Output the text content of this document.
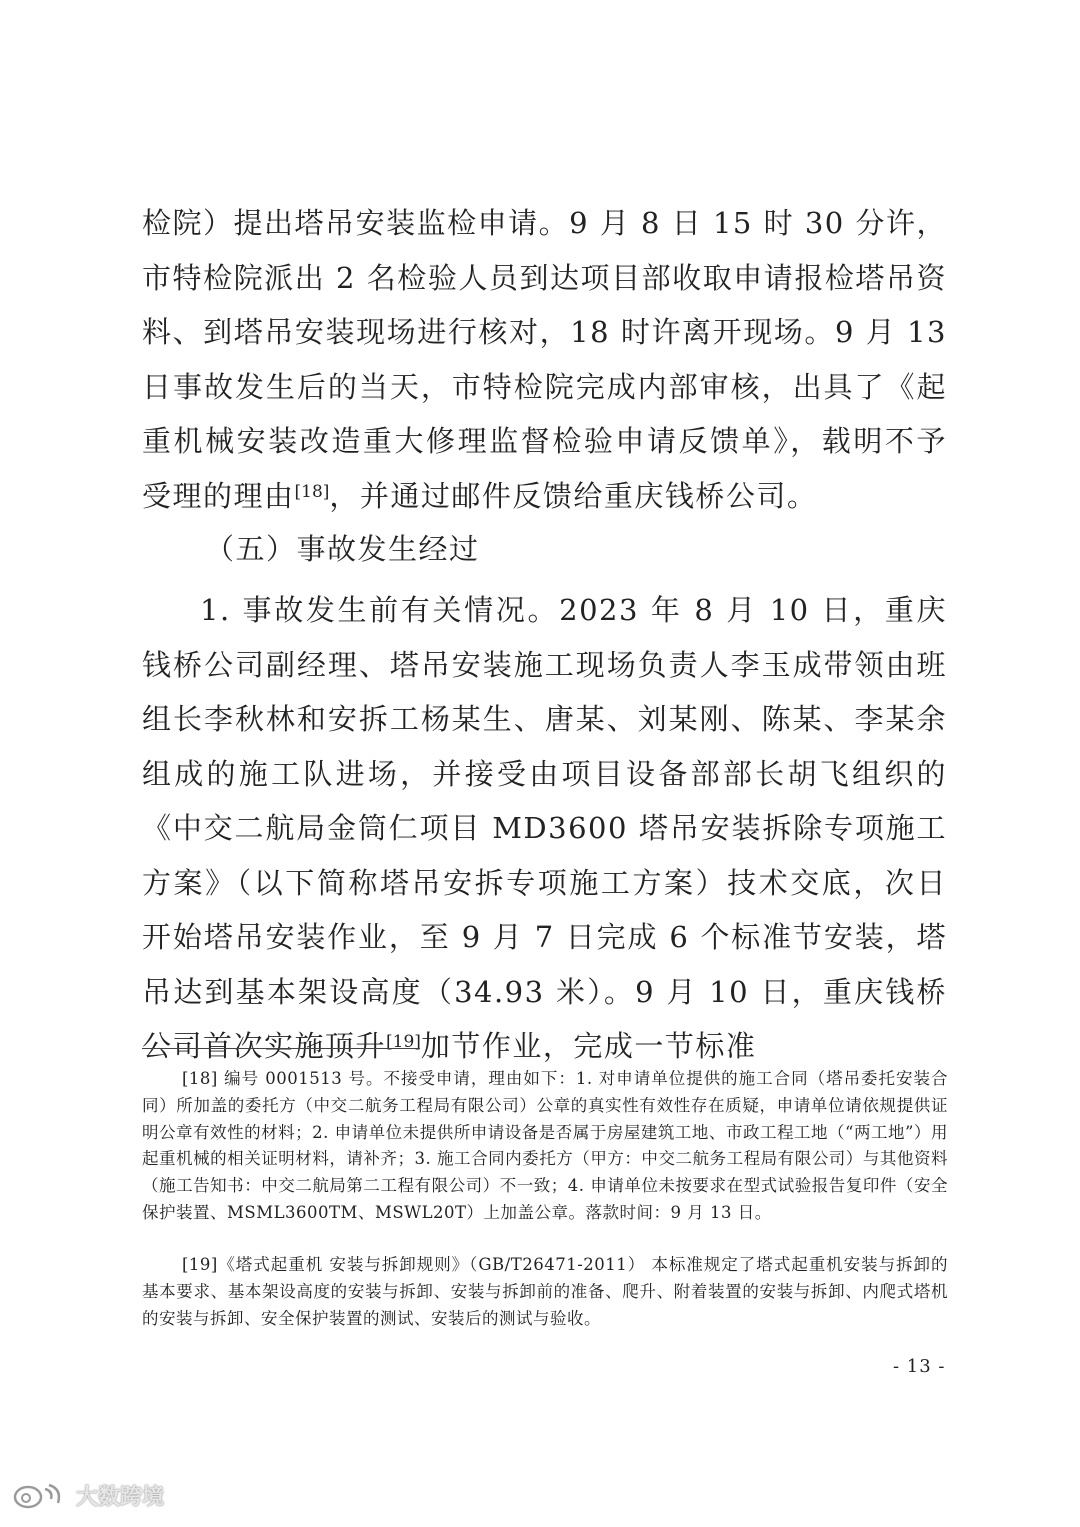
检院）提出塔吊安装监检申请。9 月 8 日 15 时 30 分许，市特检院派出 2 名检验人员到达项目部收取申请报检塔吊资料、到塔吊安装现场进行核对，18 时许离开现场。9 月 13 日事故发生后的当天，市特检院完成内部审核，出具了《起重机械安装改造重大修理监督检验申请反馈单》，载明不予受理的理由[18]，并通过邮件反馈给重庆钱桥公司。

（五）事故发生经过

1. 事故发生前有关情况。2023 年 8 月 10 日，重庆钱桥公司副经理、塔吊安装施工现场负责人李玉成带领由班组长李秋林和安拆工杨某生、唐某、刘某刚、陈某、李某余组成的施工队进场，并接受由项目设备部部长胡飞组织的《中交二航局金筒仁项目 MD3600 塔吊安装拆除专项施工方案》（以下简称塔吊安拆专项施工方案）技术交底，次日开始塔吊安装作业，至 9 月 7 日完成 6 个标准节安装，塔吊达到基本架设高度（34.93 米）。9 月 10 日，重庆钱桥公司首次实施顶升[19]加节作业，完成一节标准

[18] 编号 0001513 号。不接受申请，理由如下：1. 对申请单位提供的施工合同（塔吊委托安装合同）所加盖的委托方（中交二航务工程局有限公司）公章的真实性有效性存在质疑，申请单位请依规提供证明公章有效性的材料；2. 申请单位未提供所申请设备是否属于房屋建筑工地、市政工程工地（“两工地”）用起重机械的相关证明材料，请补齐；3. 施工合同内委托方（甲方：中交二航务工程局有限公司）与其他资料（施工告知书：中交二航局第二工程有限公司）不一致；4. 申请单位未按要求在型式试验报告复印件（安全保护装置、MSML3600TM、MSWL20T）上加盖公章。落款时间：9 月 13 日。

[19]《塔式起重机 安装与拆卸规则》（GB/T26471-2011） 本标准规定了塔式起重机安装与拆卸的基本要求、基本架设高度的安装与拆卸、安装与拆卸前的准备、爬升、附着装置的安装与拆卸、内爬式塔机的安装与拆卸、安全保护装置的测试、安装后的测试与验收。

- 13 -
大数跨境
